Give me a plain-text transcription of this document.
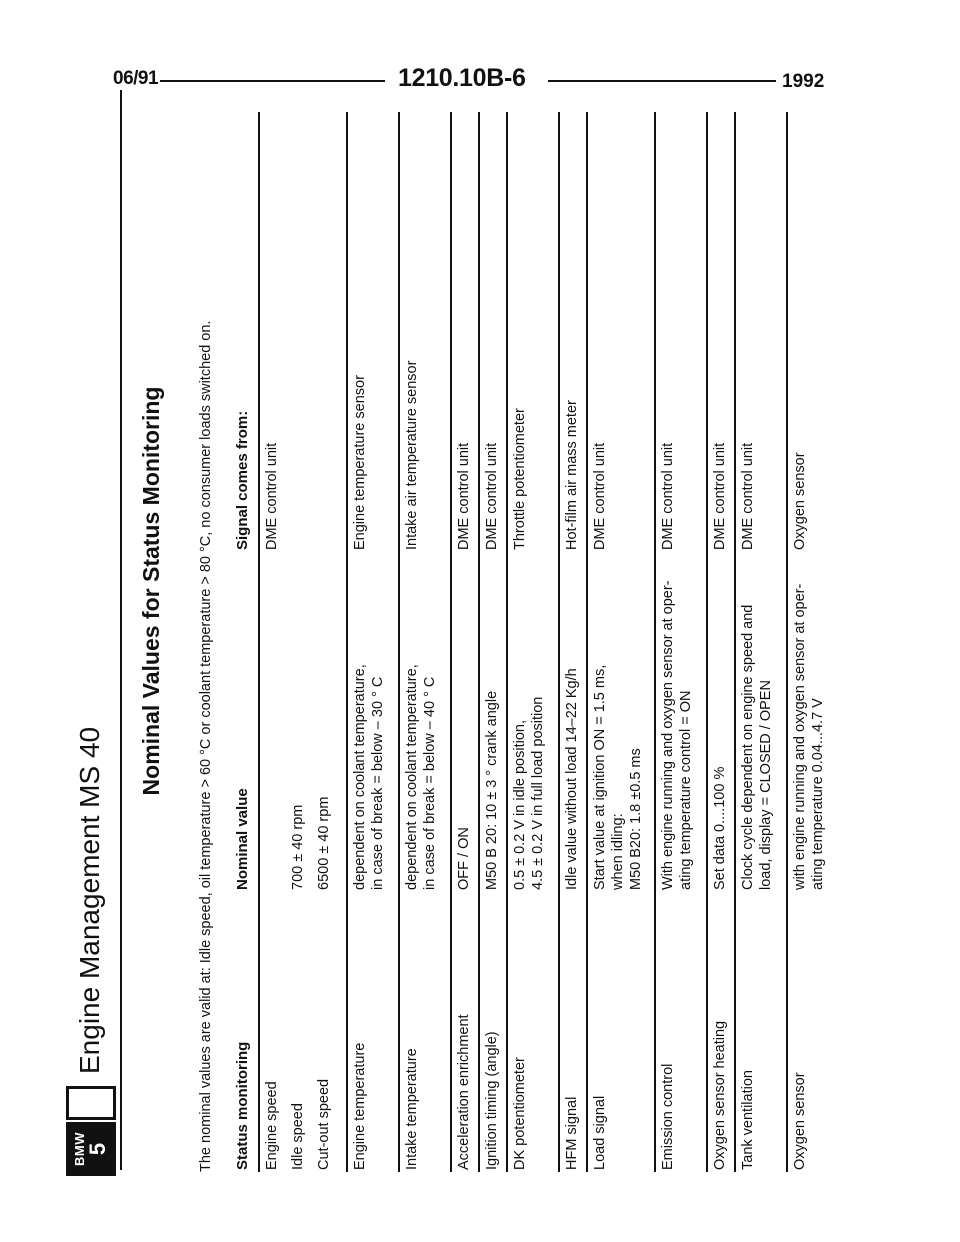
06/91	1210.10B-6	1992
BMW
5
Engine Management MS 40
Nominal Values for Status Monitoring The nominal values are valid at: Idle speed, oil temperature > 60 °C or coolant temperature > 80 °C, no consumer loads switched on. Status monitoring
Nominal value
Signal comes from:
Engine speed Idle speed Cut-out speed

700 ± 40 rpm 6500 ± 40 rpm
DME control unit
Engine temperature
dependent on coolant temperature, in case of break = below – 30 ° C
Engine temperature sensor
Intake temperature
dependent on coolant temperature, in case of break = below – 40 ° C
Intake air temperature sensor
Acceleration enrichment
OFF / ON
DME control unit
Ignition timing (angle)
M50 B 20: 10 ± 3 ° crank angle
DME control unit
DK potentiometer
0.5 ± 0.2 V in idle position, 4.5 ± 0.2 V in full load position
Throttle potentiometer
HFM signal
Idle value without load 14–22 Kg/h
Hot-film air mass meter
Load signal
Start value at ignition ON = 1.5 ms, when idling: M50 B20: 1.8 ±0.5 ms
DME control unit
Emission control
With engine running and oxygen sensor at oper- ating temperature control = ON
DME control unit
Oxygen sensor heating
Set data 0....100 %
DME control unit
Tank ventilation
Clock cycle dependent on engine speed and load, display = CLOSED / OPEN
DME control unit
Oxygen sensor
with engine running and oxygen sensor at oper- ating temperature 0.04...4.7 V
Oxygen sensor
